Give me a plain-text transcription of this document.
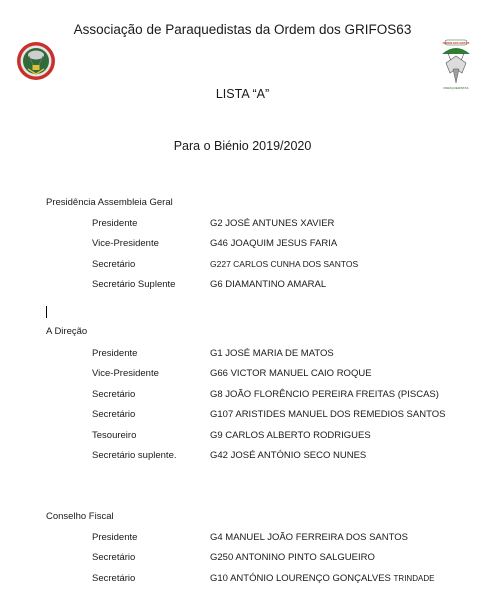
ORDEM DOS GRIFOS
PARAQUEDISTAS
Associação de Paraquedistas da Ordem dos GRIFOS63
LISTA “A”
Para o Biénio 2019/2020
Presidência Assembleia Geral
Presidente	G2 JOSÉ ANTUNES XAVIER
Vice-Presidente	G46 JOAQUIM JESUS FARIA
Secretário	G227 CARLOS CUNHA DOS SANTOS
Secretário Suplente	G6 DIAMANTINO AMARAL
A Direção
Presidente	G1 JOSÉ MARIA DE MATOS
Vice-Presidente	G66 VICTOR MANUEL CAIO ROQUE
Secretário	G8 JOÃO FLORÊNCIO PEREIRA FREITAS (PISCAS)
Secretário	G107 ARISTIDES MANUEL DOS REMEDIOS SANTOS
Tesoureiro	G9 CARLOS ALBERTO RODRIGUES
Secretário suplente.	G42 JOSÉ ANTÓNIO SECO NUNES
Conselho Fiscal
Presidente	G4 MANUEL JOÃO FERREIRA DOS SANTOS
Secretário	G250 ANTONINO PINTO SALGUEIRO
Secretário	G10 ANTÓNIO LOURENÇO GONÇALVES TRINDADE
